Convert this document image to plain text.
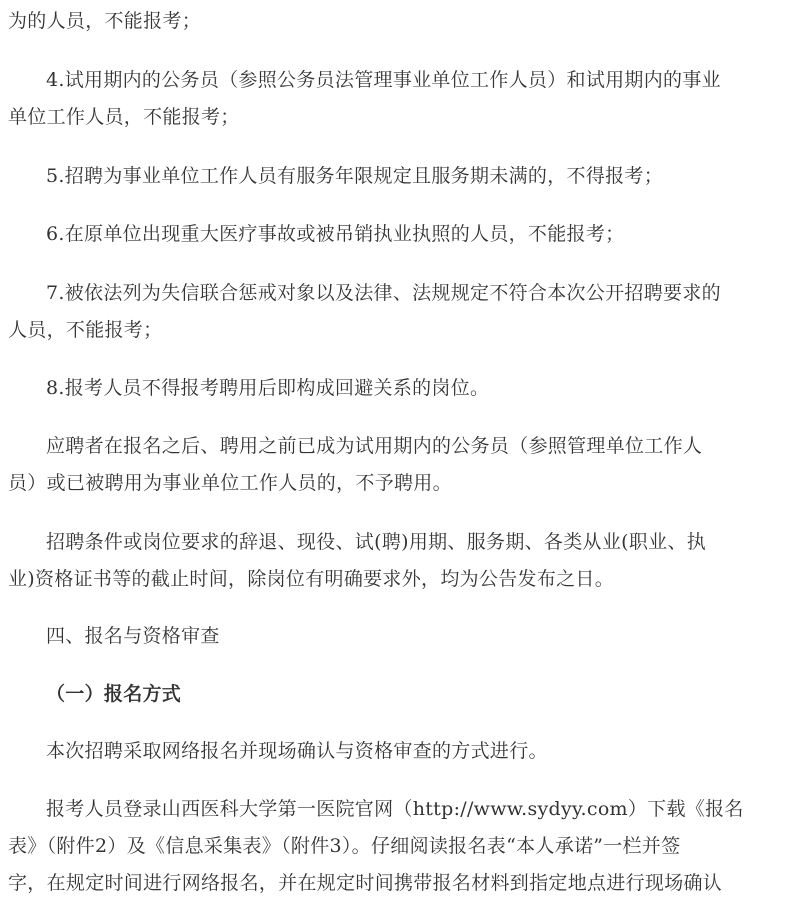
为的人员，不能报考；

4.试用期内的公务员（参照公务员法管理事业单位工作人员）和试用期内的事业
单位工作人员，不能报考；

5.招聘为事业单位工作人员有服务年限规定且服务期未满的，不得报考；

6.在原单位出现重大医疗事故或被吊销执业执照的人员，不能报考；

7.被依法列为失信联合惩戒对象以及法律、法规规定不符合本次公开招聘要求的
人员，不能报考；

8.报考人员不得报考聘用后即构成回避关系的岗位。

应聘者在报名之后、聘用之前已成为试用期内的公务员（参照管理单位工作人
员）或已被聘用为事业单位工作人员的，不予聘用。

招聘条件或岗位要求的辞退、现役、试(聘)用期、服务期、各类从业(职业、执
业)资格证书等的截止时间，除岗位有明确要求外，均为公告发布之日。

四、报名与资格审查

（一）报名方式

本次招聘采取网络报名并现场确认与资格审查的方式进行。

报考人员登录山西医科大学第一医院官网（http://www.sydyy.com）下载《报名
表》（附件2）及《信息采集表》（附件3）。仔细阅读报名表“本人承诺”一栏并签
字，在规定时间进行网络报名，并在规定时间携带报名材料到指定地点进行现场确认
